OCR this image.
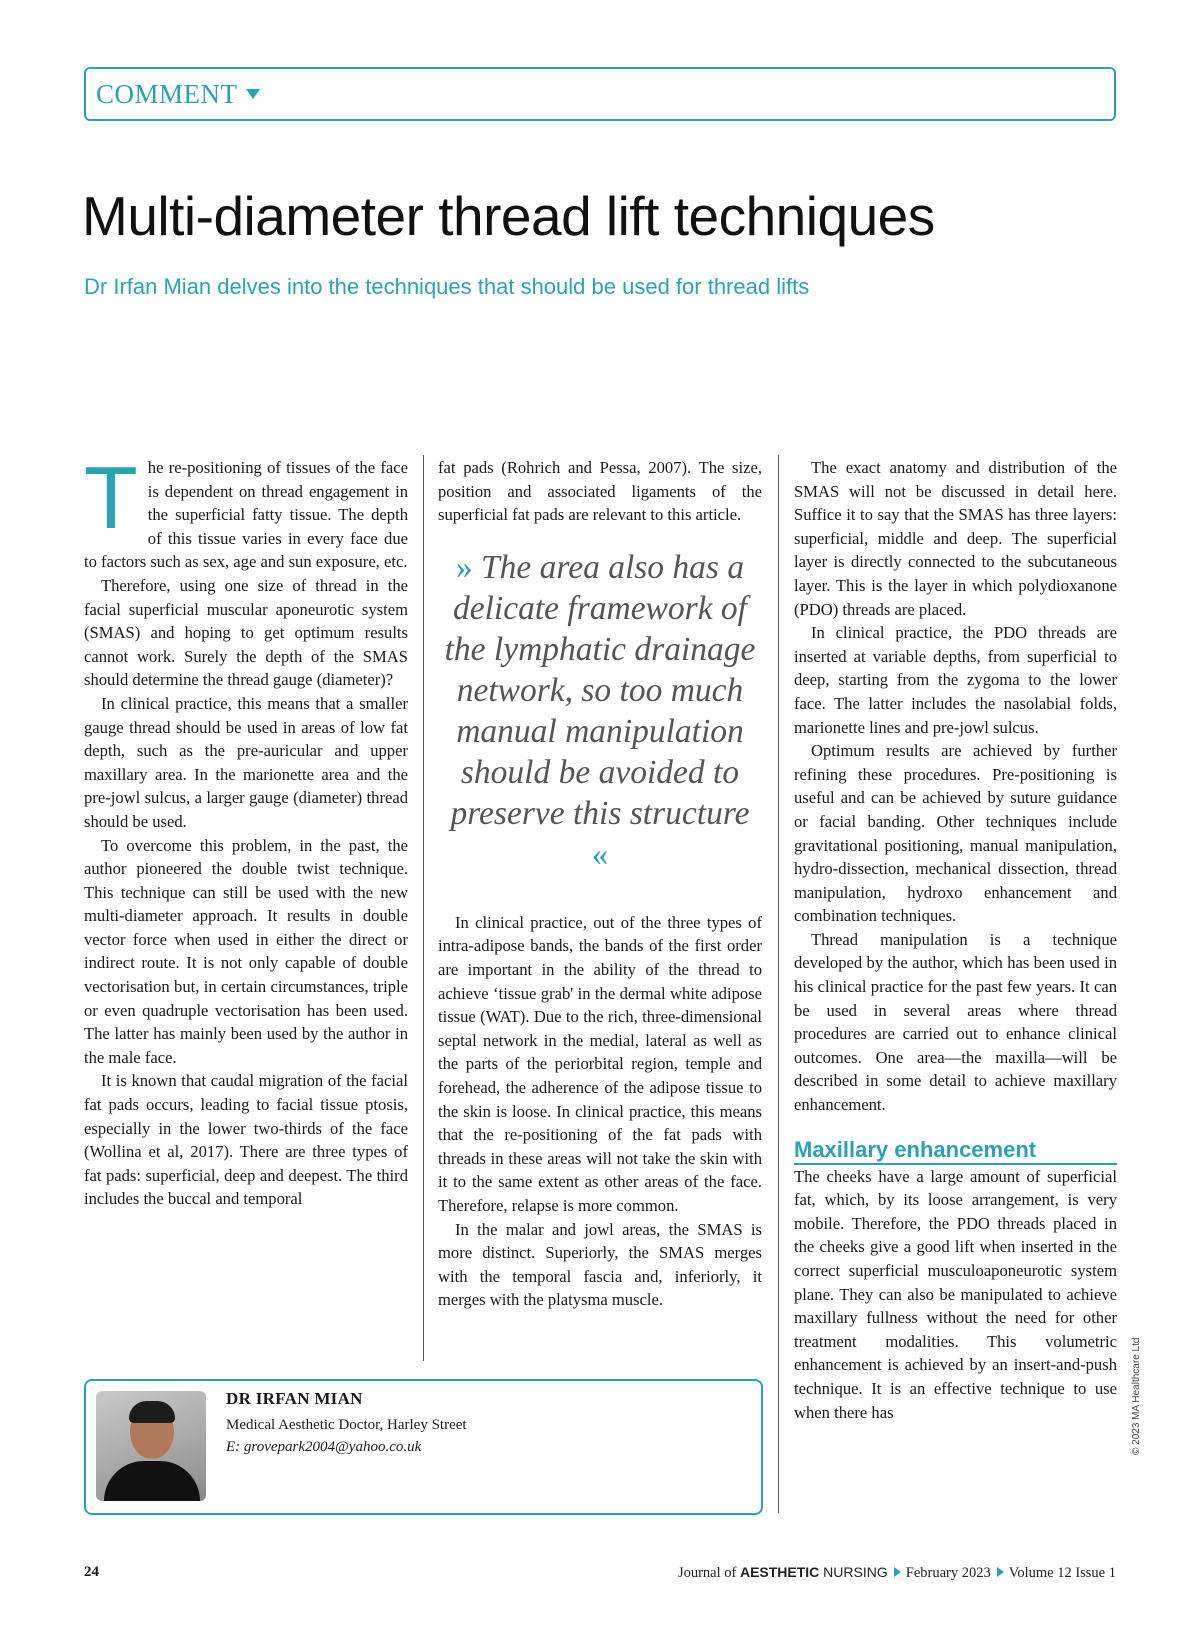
COMMENT
Multi-diameter thread lift techniques
Dr Irfan Mian delves into the techniques that should be used for thread lifts
T he re-positioning of tissues of the face is dependent on thread engagement in the superficial fatty tissue. The depth of this tissue varies in every face due to factors such as sex, age and sun exposure, etc.

Therefore, using one size of thread in the facial superficial muscular aponeurotic system (SMAS) and hoping to get optimum results cannot work. Surely the depth of the SMAS should determine the thread gauge (diameter)?

In clinical practice, this means that a smaller gauge thread should be used in areas of low fat depth, such as the pre-auricular and upper maxillary area. In the marionette area and the pre-jowl sulcus, a larger gauge (diameter) thread should be used.

To overcome this problem, in the past, the author pioneered the double twist technique. This technique can still be used with the new multi-diameter approach. It results in double vector force when used in either the direct or indirect route. It is not only capable of double vectorisation but, in certain circumstances, triple or even quadruple vectorisation has been used. The latter has mainly been used by the author in the male face.

It is known that caudal migration of the facial fat pads occurs, leading to facial tissue ptosis, especially in the lower two-thirds of the face (Wollina et al, 2017). There are three types of fat pads: superficial, deep and deepest. The third includes the buccal and temporal

fat pads (Rohrich and Pessa, 2007). The size, position and associated ligaments of the superficial fat pads are relevant to this article.

» The area also has a delicate framework of the lymphatic drainage network, so too much manual manipulation should be avoided to preserve this structure «

In clinical practice, out of the three types of intra-adipose bands, the bands of the first order are important in the ability of the thread to achieve ‘tissue grab' in the dermal white adipose tissue (WAT). Due to the rich, three-dimensional septal network in the medial, lateral as well as the parts of the periorbital region, temple and forehead, the adherence of the adipose tissue to the skin is loose. In clinical practice, this means that the re-positioning of the fat pads with threads in these areas will not take the skin with it to the same extent as other areas of the face. Therefore, relapse is more common.

In the malar and jowl areas, the SMAS is more distinct. Superiorly, the SMAS merges with the temporal fascia and, inferiorly, it merges with the platysma muscle.

The exact anatomy and distribution of the SMAS will not be discussed in detail here. Suffice it to say that the SMAS has three layers: superficial, middle and deep. The superficial layer is directly connected to the subcutaneous layer. This is the layer in which polydioxanone (PDO) threads are placed.

In clinical practice, the PDO threads are inserted at variable depths, from superficial to deep, starting from the zygoma to the lower face. The latter includes the nasolabial folds, marionette lines and pre-jowl sulcus.

Optimum results are achieved by further refining these procedures. Pre-positioning is useful and can be achieved by suture guidance or facial banding. Other techniques include gravitational positioning, manual manipulation, hydro-dissection, mechanical dissection, thread manipulation, hydroxo enhancement and combination techniques.

Thread manipulation is a technique developed by the author, which has been used in his clinical practice for the past few years. It can be used in several areas where thread procedures are carried out to enhance clinical outcomes. One area—the maxilla—will be described in some detail to achieve maxillary enhancement.

Maxillary enhancement

The cheeks have a large amount of superficial fat, which, by its loose arrangement, is very mobile. Therefore, the PDO threads placed in the cheeks give a good lift when inserted in the correct superficial musculoaponeurotic system plane. They can also be manipulated to achieve maxillary fullness without the need for other treatment modalities. This volumetric enhancement is achieved by an insert-and-push technique. It is an effective technique to use when there has

DR IRFAN MIAN
Medical Aesthetic Doctor, Harley Street
E: grovepark2004@yahoo.co.uk	© 2023 MA Healthcare Ltd
24	Journal of AESTHETIC NURSING February 2023 Volume 12 Issue 1
